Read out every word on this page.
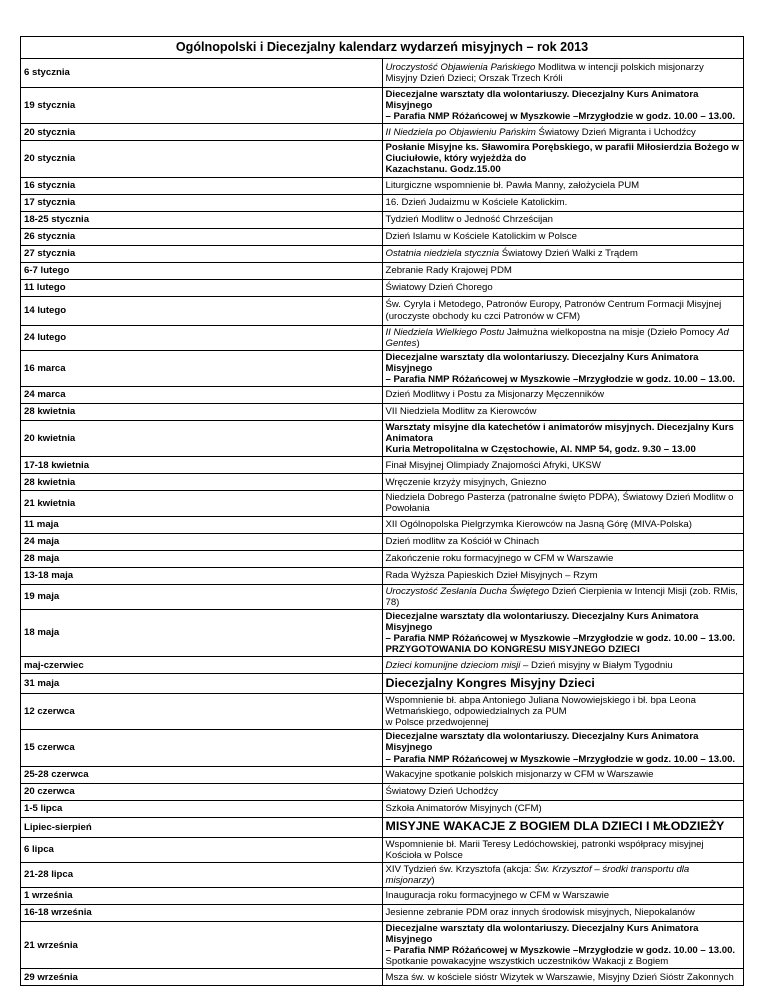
Ogólnopolski i Diecezjalny kalendarz wydarzeń misyjnych – rok 2013	
6 stycznia	Uroczystość Objawienia Pańskiego Modlitwa w intencji polskich misjonarzy
Misyjny Dzień Dzieci; Orszak Trzech Króli

19 stycznia	Diecezjalne warsztaty dla wolontariuszy. Diecezjalny Kurs Animatora Misyjnego
– Parafia NMP Różańcowej w Myszkowie –Mrzygłodzie w godz. 10.00 – 13.00.

20 stycznia	II Niedziela po Objawieniu Pańskim Światowy Dzień Migranta i Uchodźcy

20 stycznia	Posłanie Misyjne ks. Sławomira Porębskiego, w parafii Miłosierdzia Bożego w Ciuciułowie, który wyjeżdża do
Kazachstanu. Godz.15.00

16 stycznia	Liturgiczne wspomnienie bł. Pawła Manny, założyciela PUM

17 stycznia	16. Dzień Judaizmu w Kościele Katolickim.

18-25 stycznia	Tydzień Modlitw o Jedność Chrześcijan

26 stycznia	Dzień Islamu w Kościele Katolickim w Polsce

27 stycznia	Ostatnia niedziela stycznia Światowy Dzień Walki z Trądem

6-7 lutego	Zebranie Rady Krajowej PDM

11 lutego	Światowy Dzień Chorego

14 lutego	Św. Cyryla i Metodego, Patronów Europy, Patronów Centrum Formacji Misyjnej
(uroczyste obchody ku czci Patronów w CFM)

24 lutego	II Niedziela Wielkiego Postu Jałmużna wielkopostna na misje (Dzieło Pomocy Ad Gentes)

16 marca	Diecezjalne warsztaty dla wolontariuszy. Diecezjalny Kurs Animatora Misyjnego
– Parafia NMP Różańcowej w Myszkowie –Mrzygłodzie w godz. 10.00 – 13.00.

24 marca	Dzień Modlitwy i Postu za Misjonarzy Męczenników

28 kwietnia	VII Niedziela Modlitw za Kierowców

20 kwietnia	Warsztaty misyjne dla katechetów i animatorów misyjnych. Diecezjalny Kurs Animatora
Kuria Metropolitalna w Częstochowie, Al. NMP 54, godz. 9.30 – 13.00

17-18 kwietnia	Finał Misyjnej Olimpiady Znajomości Afryki, UKSW

28 kwietnia	Wręczenie krzyży misyjnych, Gniezno

21 kwietnia	Niedziela Dobrego Pasterza (patronalne święto PDPA), Światowy Dzień Modlitw o Powołania

11 maja	XII Ogólnopolska Pielgrzymka Kierowców na Jasną Górę (MIVA-Polska)

24 maja	Dzień modlitw za Kościół w Chinach

28 maja	Zakończenie roku formacyjnego w CFM w Warszawie

13-18 maja	Rada Wyższa Papieskich Dzieł Misyjnych – Rzym

19 maja	Uroczystość Zesłania Ducha Świętego Dzień Cierpienia w Intencji Misji (zob. RMis, 78)

18 maja	Diecezjalne warsztaty dla wolontariuszy. Diecezjalny Kurs Animatora Misyjnego
– Parafia NMP Różańcowej w Myszkowie –Mrzygłodzie w godz. 10.00 – 13.00.
PRZYGOTOWANIA DO KONGRESU MISYJNEGO DZIECI

maj-czerwiec	Dzieci komunijne dzieciom misji – Dzień misyjny w Białym Tygodniu

31 maja	Diecezjalny Kongres Misyjny Dzieci

12 czerwca	Wspomnienie bł. abpa Antoniego Juliana Nowowiejskiego i bł. bpa Leona Wetmańskiego, odpowiedzialnych za PUM
w Polsce przedwojennej

15 czerwca	Diecezjalne warsztaty dla wolontariuszy. Diecezjalny Kurs Animatora Misyjnego
– Parafia NMP Różańcowej w Myszkowie –Mrzygłodzie w godz. 10.00 – 13.00.

25-28 czerwca	Wakacyjne spotkanie polskich misjonarzy w CFM w Warszawie

20 czerwca	Światowy Dzień Uchodźcy

1-5 lipca	Szkoła Animatorów Misyjnych (CFM)

Lipiec-sierpień	MISYJNE WAKACJE Z BOGIEM DLA DZIECI I MŁODZIEŻY

6 lipca	Wspomnienie bł. Marii Teresy Ledóchowskiej, patronki współpracy misyjnej Kościoła w Polsce

21-28 lipca	XIV Tydzień św. Krzysztofa (akcja: Św. Krzysztof – środki transportu dla misjonarzy)

1 września	Inauguracja roku formacyjnego w CFM w Warszawie

16-18 września	Jesienne zebranie PDM oraz innych środowisk misyjnych, Niepokalanów

21 września	Diecezjalne warsztaty dla wolontariuszy. Diecezjalny Kurs Animatora Misyjnego
– Parafia NMP Różańcowej w Myszkowie –Mrzygłodzie w godz. 10.00 – 13.00.
Spotkanie powakacyjne wszystkich uczestników Wakacji z Bogiem

29 września	Msza św. w kościele sióstr Wizytek w Warszawie, Misyjny Dzień Sióstr Zakonnych
